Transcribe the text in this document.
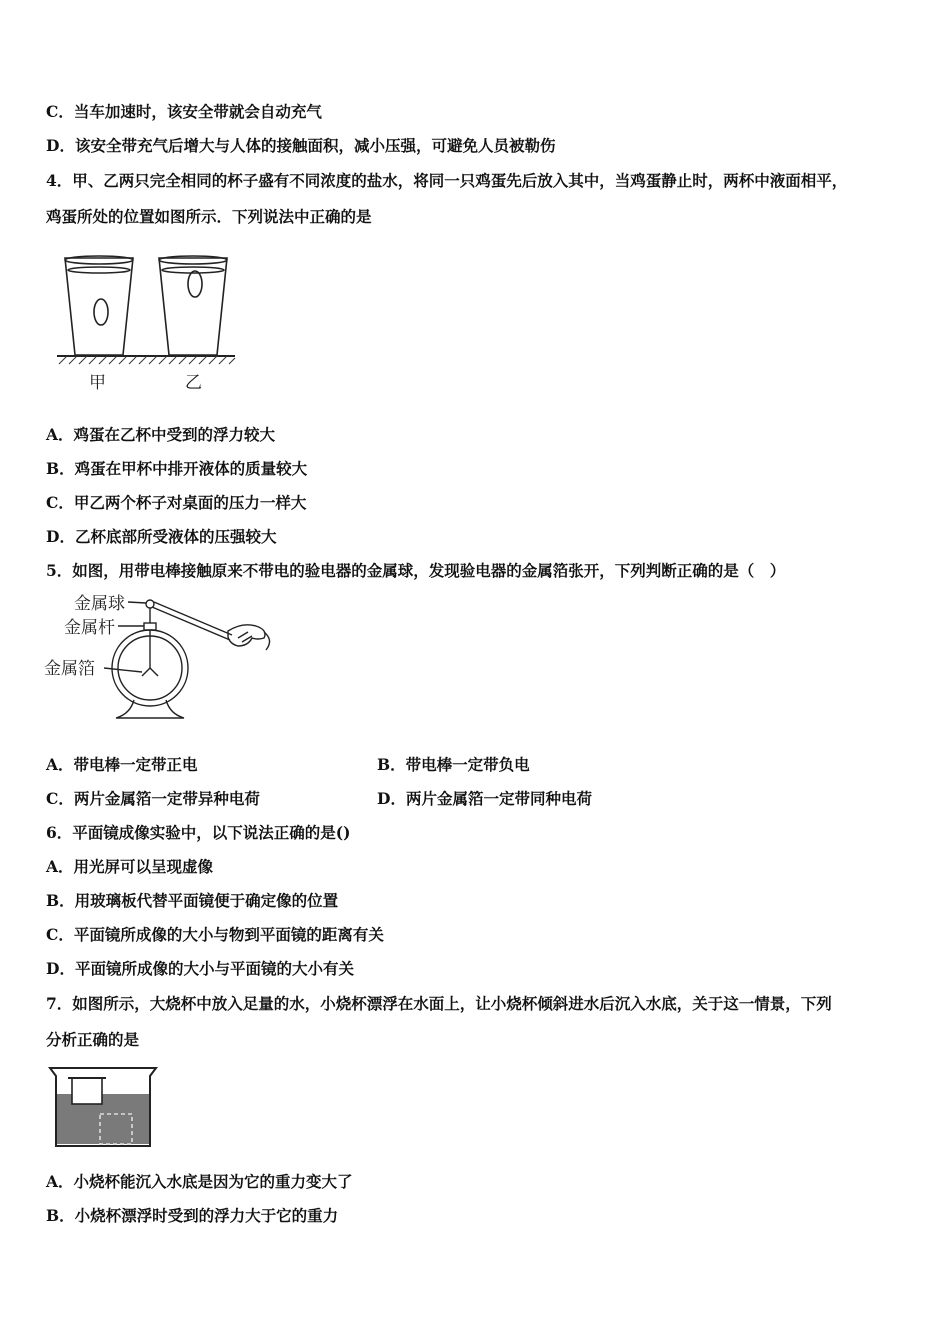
C．当车加速时，该安全带就会自动充气
D．该安全带充气后增大与人体的接触面积，减小压强，可避免人员被勒伤
4．甲、乙两只完全相同的杯子盛有不同浓度的盐水，将同一只鸡蛋先后放入其中，当鸡蛋静止时，两杯中液面相平，
鸡蛋所处的位置如图所示．下列说法中正确的是
甲	乙
A．鸡蛋在乙杯中受到的浮力较大
B．鸡蛋在甲杯中排开液体的质量较大
C．甲乙两个杯子对桌面的压力一样大
D．乙杯底部所受液体的压强较大
5．如图，用带电棒接触原来不带电的验电器的金属球，发现验电器的金属箔张开，下列判断正确的是（　）
金属球
金属杆
金属箔
A．带电棒一定带正电	B．带电棒一定带负电
C．两片金属箔一定带异种电荷	D．两片金属箔一定带同种电荷
6．平面镜成像实验中，以下说法正确的是()
A．用光屏可以呈现虚像
B．用玻璃板代替平面镜便于确定像的位置
C．平面镜所成像的大小与物到平面镜的距离有关
D．平面镜所成像的大小与平面镜的大小有关
7．如图所示，大烧杯中放入足量的水，小烧杯漂浮在水面上，让小烧杯倾斜进水后沉入水底，关于这一情景，下列
分析正确的是
A．小烧杯能沉入水底是因为它的重力变大了
B．小烧杯漂浮时受到的浮力大于它的重力
